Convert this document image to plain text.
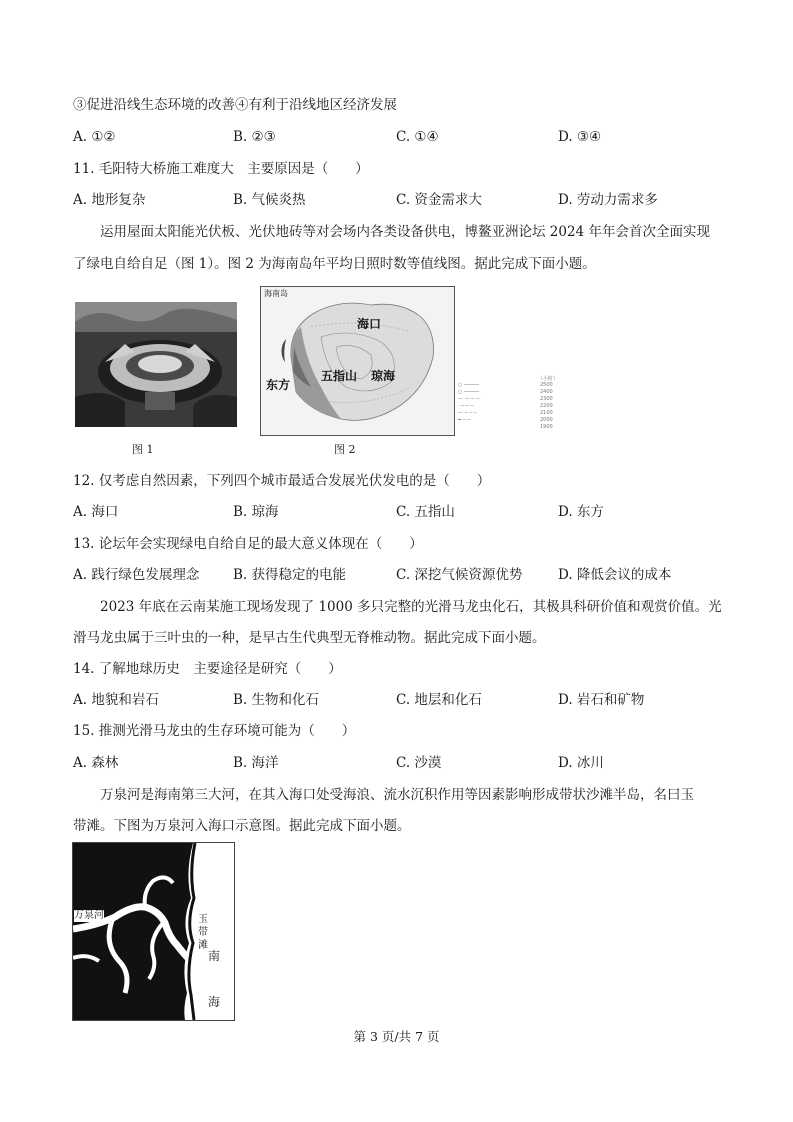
③促进沿线生态环境的改善④有利于沿线地区经济发展
A. ①②	B. ②③	C. ①④	D. ③④
11. 毛阳特大桥施工难度大　主要原因是（　　）
A. 地形复杂	B. 气候炎热	C. 资金需求大	D. 劳动力需求多
运用屋面太阳能光伏板、光伏地砖等对会场内各类设备供电，博鳌亚洲论坛 2024 年年会首次全面实现
了绿电自给自足（图 1）。图 2 为海南岛年平均日照时数等值线图。据此完成下面小题。
图 1
海南岛
海口
五指山 琼海
东方
图 2
（小时）
○ ─────
○ ─────
— — ─ —
· ─ ─ ─
— ─ ─ ─
━ ─ ─
2500
2400
2300
2200
2100
2000
1900
12. 仅考虑自然因素，下列四个城市最适合发展光伏发电的是（　　）
A. 海口	B. 琼海	C. 五指山	D. 东方
13. 论坛年会实现绿电自给自足的最大意义体现在（　　）
A. 践行绿色发展理念 B. 获得稳定的电能	C. 深挖气候资源优势	D. 降低会议的成本
2023 年底在云南某施工现场发现了 1000 多只完整的光滑马龙虫化石，其极具科研价值和观赏价值。光
滑马龙虫属于三叶虫的一种，是早古生代典型无脊椎动物。据此完成下面小题。
14. 了解地球历史　主要途径是研究（　　）
A. 地貌和岩石	B. 生物和化石	C. 地层和化石	D. 岩石和矿物
15. 推测光滑马龙虫的生存环境可能为（　　）
A. 森林	B. 海洋	C. 沙漠	D. 冰川
万泉河是海南第三大河，在其入海口处受海浪、流水沉积作用等因素影响形成带状沙滩半岛，名曰玉
带滩。下图为万泉河入海口示意图。据此完成下面小题。
万泉河	玉
带
滩
南
海
第 3 页/共 7 页
